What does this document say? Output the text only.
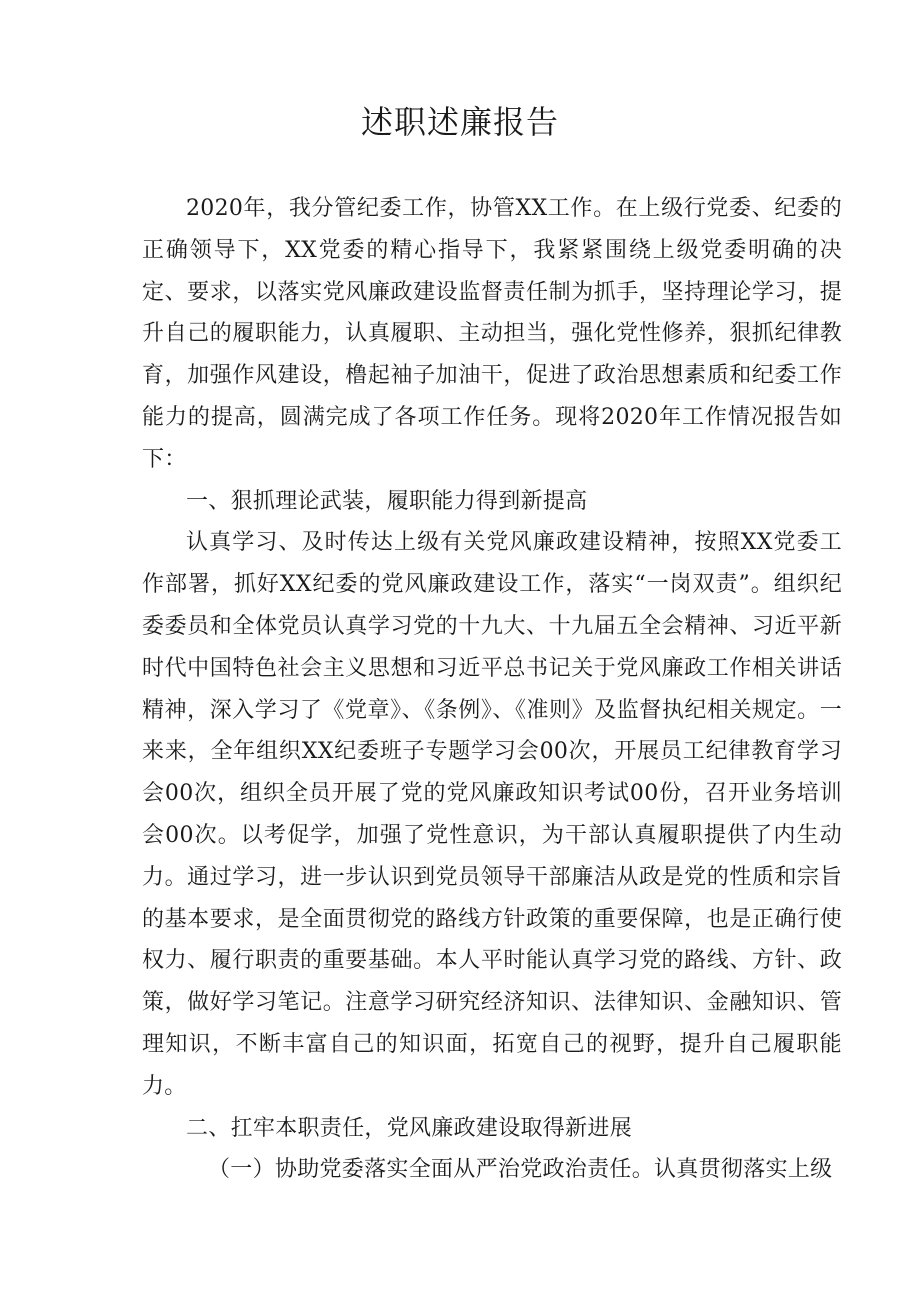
述职述廉报告

2020年，我分管纪委工作，协管XX工作。在上级行党委、纪委的正确领导下，XX党委的精心指导下，我紧紧围绕上级党委明确的决定、要求，以落实党风廉政建设监督责任制为抓手，坚持理论学习，提升自己的履职能力，认真履职、主动担当，强化党性修养，狠抓纪律教育，加强作风建设，橹起袖子加油干，促进了政治思想素质和纪委工作能力的提高，圆满完成了各项工作任务。现将2020年工作情况报告如下：

一、狠抓理论武装，履职能力得到新提高

认真学习、及时传达上级有关党风廉政建设精神，按照XX党委工作部署，抓好XX纪委的党风廉政建设工作，落实“一岗双责”。组织纪委委员和全体党员认真学习党的十九大、十九届五全会精神、习近平新时代中国特色社会主义思想和习近平总书记关于党风廉政工作相关讲话精神，深入学习了《党章》、《条例》、《准则》及监督执纪相关规定。一来来，全年组织XX纪委班子专题学习会00次，开展员工纪律教育学习会00次，组织全员开展了党的党风廉政知识考试00份，召开业务培训会00次。以考促学，加强了党性意识，为干部认真履职提供了内生动力。通过学习，进一步认识到党员领导干部廉洁从政是党的性质和宗旨的基本要求，是全面贯彻党的路线方针政策的重要保障，也是正确行使权力、履行职责的重要基础。本人平时能认真学习党的路线、方针、政策，做好学习笔记。注意学习研究经济知识、法律知识、金融知识、管理知识，不断丰富自己的知识面，拓宽自己的视野，提升自己履职能力。

二、扛牢本职责任，党风廉政建设取得新进展

（一）协助党委落实全面从严治党政治责任。认真贯彻落实上级
